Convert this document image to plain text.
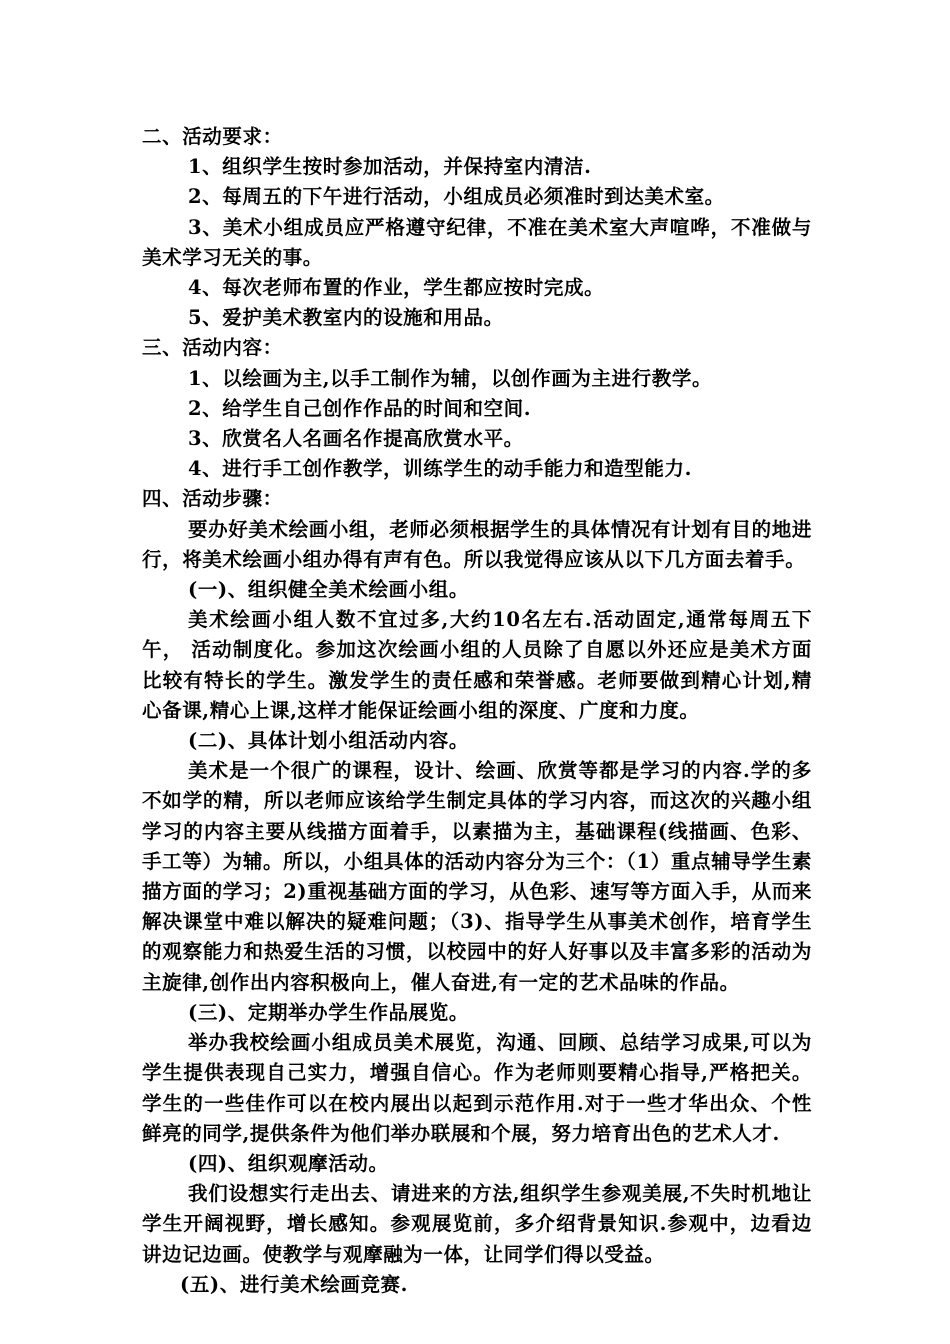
二、活动要求：

1、组织学生按时参加活动，并保持室内清洁.

2、每周五的下午进行活动，小组成员必须准时到达美术室。

3、美术小组成员应严格遵守纪律，不准在美术室大声喧哗，不准做与美术学习无关的事。

4、每次老师布置的作业，学生都应按时完成。

5、爱护美术教室内的设施和用品。

三、活动内容：

1、以绘画为主,以手工制作为辅，以创作画为主进行教学。

2、给学生自己创作作品的时间和空间.

3、欣赏名人名画名作提高欣赏水平。

4、进行手工创作教学，训练学生的动手能力和造型能力.

四、活动步骤：

要办好美术绘画小组，老师必须根据学生的具体情况有计划有目的地进行，将美术绘画小组办得有声有色。所以我觉得应该从以下几方面去着手。

(一)、组织健全美术绘画小组。

美术绘画小组人数不宜过多,大约10名左右.活动固定,通常每周五下午， 活动制度化。参加这次绘画小组的人员除了自愿以外还应是美术方面比较有特长的学生。激发学生的责任感和荣誉感。老师要做到精心计划,精心备课,精心上课,这样才能保证绘画小组的深度、广度和力度。

(二)、具体计划小组活动内容。

美术是一个很广的课程，设计、绘画、欣赏等都是学习的内容.学的多不如学的精，所以老师应该给学生制定具体的学习内容，而这次的兴趣小组学习的内容主要从线描方面着手，以素描为主，基础课程(线描画、色彩、手工等）为辅。所以，小组具体的活动内容分为三个：（1）重点辅导学生素描方面的学习；2)重视基础方面的学习，从色彩、速写等方面入手，从而来解决课堂中难以解决的疑难问题；（3)、指导学生从事美术创作，培育学生的观察能力和热爱生活的习惯，以校园中的好人好事以及丰富多彩的活动为主旋律,创作出内容积极向上，催人奋进,有一定的艺术品味的作品。

(三)、定期举办学生作品展览。

举办我校绘画小组成员美术展览，沟通、回顾、总结学习成果,可以为学生提供表现自己实力，增强自信心。作为老师则要精心指导,严格把关。学生的一些佳作可以在校内展出以起到示范作用.对于一些才华出众、个性鲜亮的同学,提供条件为他们举办联展和个展，努力培育出色的艺术人才.

(四)、组织观摩活动。

我们设想实行走出去、请进来的方法,组织学生参观美展,不失时机地让学生开阔视野，增长感知。参观展览前，多介绍背景知识.参观中，边看边讲边记边画。使教学与观摩融为一体，让同学们得以受益。

(五)、进行美术绘画竞赛.
